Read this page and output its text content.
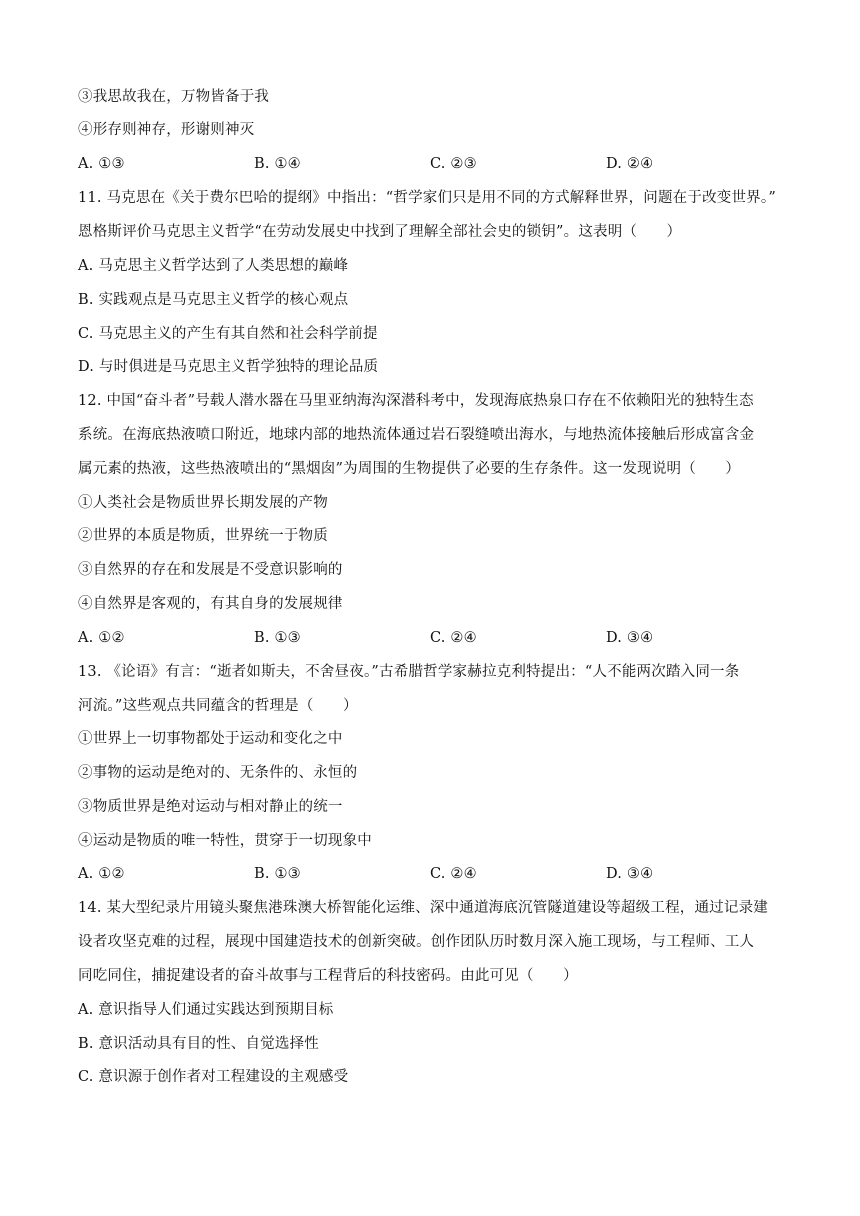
③我思故我在，万物皆备于我
④形存则神存，形谢则神灭
A. ①③	B. ①④	C. ②③	D. ②④
11. 马克思在《关于费尔巴哈的提纲》中指出：“哲学家们只是用不同的方式解释世界，问题在于改变世界。”
恩格斯评价马克思主义哲学“在劳动发展史中找到了理解全部社会史的锁钥”。这表明（　　）
A. 马克思主义哲学达到了人类思想的巅峰
B. 实践观点是马克思主义哲学的核心观点
C. 马克思主义的产生有其自然和社会科学前提
D. 与时俱进是马克思主义哲学独特的理论品质
12. 中国“奋斗者”号载人潜水器在马里亚纳海沟深潜科考中，发现海底热泉口存在不依赖阳光的独特生态
系统。在海底热液喷口附近，地球内部的地热流体通过岩石裂缝喷出海水，与地热流体接触后形成富含金
属元素的热液，这些热液喷出的“黑烟囱”为周围的生物提供了必要的生存条件。这一发现说明（　　）
①人类社会是物质世界长期发展的产物
②世界的本质是物质，世界统一于物质
③自然界的存在和发展是不受意识影响的
④自然界是客观的，有其自身的发展规律
A. ①②	B. ①③	C. ②④	D. ③④
13. 《论语》有言：“逝者如斯夫，不舍昼夜。”古希腊哲学家赫拉克利特提出：“人不能两次踏入同一条
河流。”这些观点共同蕴含的哲理是（　　）
①世界上一切事物都处于运动和变化之中
②事物的运动是绝对的、无条件的、永恒的
③物质世界是绝对运动与相对静止的统一
④运动是物质的唯一特性，贯穿于一切现象中
A. ①②	B. ①③	C. ②④	D. ③④
14. 某大型纪录片用镜头聚焦港珠澳大桥智能化运维、深中通道海底沉管隧道建设等超级工程，通过记录建
设者攻坚克难的过程，展现中国建造技术的创新突破。创作团队历时数月深入施工现场，与工程师、工人
同吃同住，捕捉建设者的奋斗故事与工程背后的科技密码。由此可见（　　）
A. 意识指导人们通过实践达到预期目标
B. 意识活动具有目的性、自觉选择性
C. 意识源于创作者对工程建设的主观感受
